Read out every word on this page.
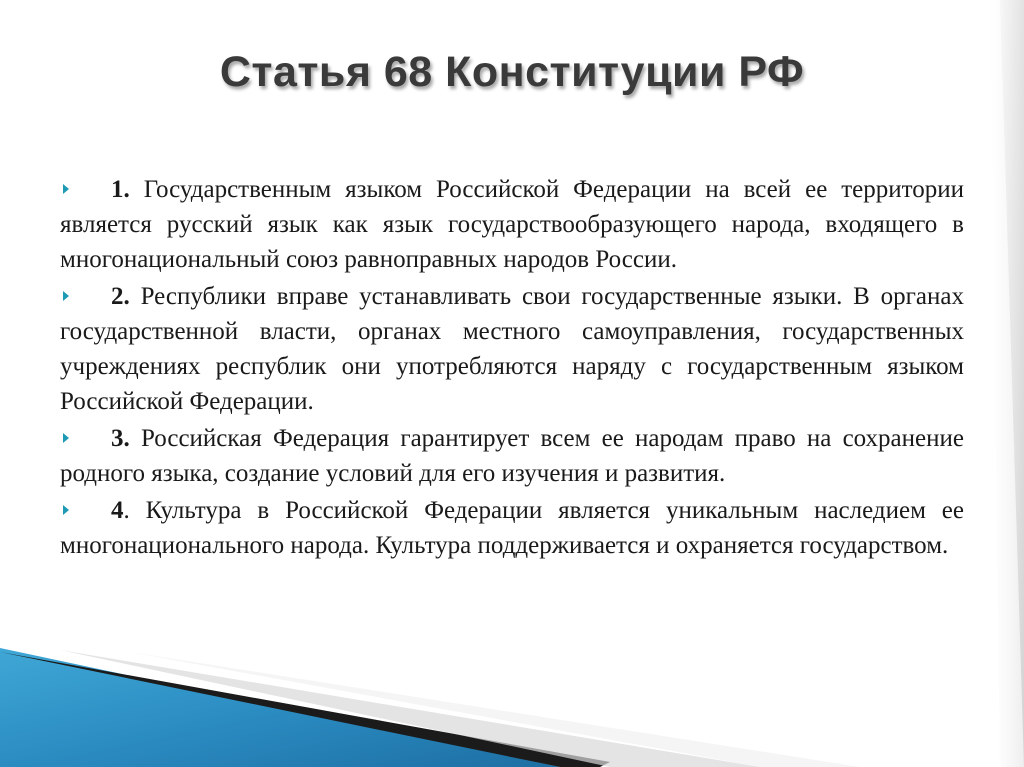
Статья 68 Конституции РФ

1. Государственным языком Российской Федерации на всей ее территории является русский язык как язык государствообразующего народа, входящего в многонациональный союз равноправных народов России.

2. Республики вправе устанавливать свои государственные языки. В органах государственной власти, органах местного самоуправления, государственных учреждениях республик они употребляются наряду с государственным языком Российской Федерации.

3. Российская Федерация гарантирует всем ее народам право на сохранение родного языка, создание условий для его изучения и развития.

4. Культура в Российской Федерации является уникальным наследием ее многонационального народа. Культура поддерживается и охраняется государством.
